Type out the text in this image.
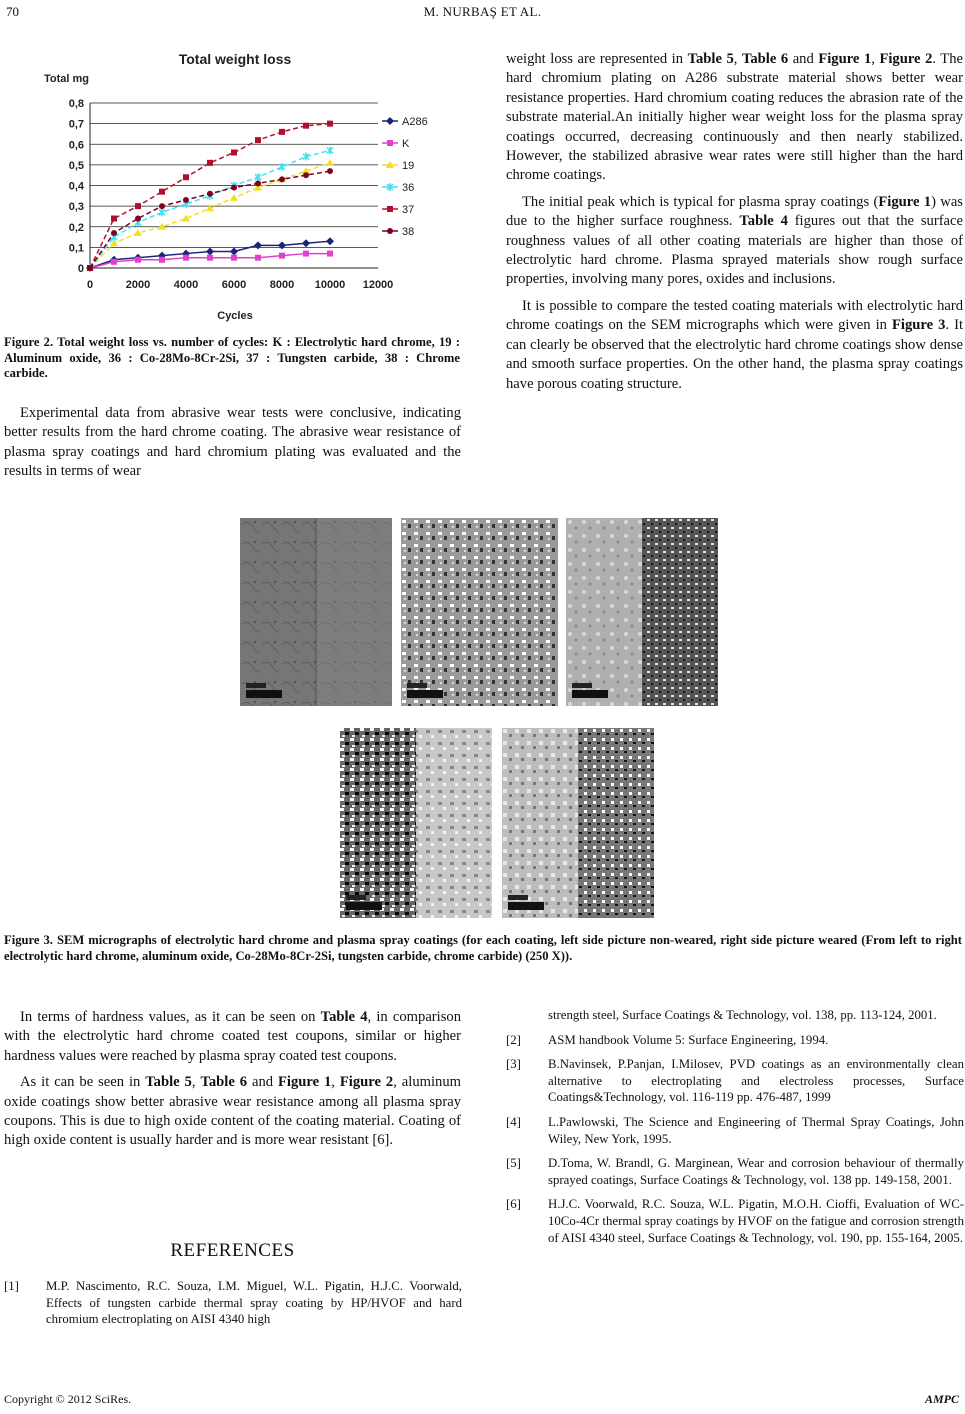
70	M. NURBAŞ ET AL.
Total weight loss
Total mg
Cycles
0
0,1
0,2
0,3
0,4
0,5
0,6
0,7
0,8
0	2000 4000 6000 8000 10000 12000
A286
K
19
36
37
38
Figure 2. Total weight loss vs. number of cycles: K : Electrolytic hard chrome, 19 : Aluminum oxide, 36 : Co-28Mo-8Cr-2Si, 37 : Tungsten carbide, 38 : Chrome carbide.

Experimental data from abrasive wear tests were conclusive, indicating better results from the hard chrome coating. The abrasive wear resistance of plasma spray coatings and hard chromium plating was evaluated and the results in terms of wear

weight loss are represented in Table 5, Table 6 and Figure 1, Figure 2. The hard chromium plating on A286 substrate material shows better wear resistance properties. Hard chromium coating reduces the abrasion rate of the substrate material.An initially higher wear weight loss for the plasma spray coatings occurred, decreasing continuously and then nearly stabilized. However, the stabilized abrasive wear rates were still higher than the hard chrome coatings.

The initial peak which is typical for plasma spray coatings (Figure 1) was due to the higher surface roughness. Table 4 figures out that the surface roughness values of all other coating materials are higher than those of electrolytic hard chrome. Plasma sprayed materials show rough surface properties, involving many pores, oxides and inclusions.

It is possible to compare the tested coating materials with electrolytic hard chrome coatings on the SEM micrographs which were given in Figure 3. It can clearly be observed that the electrolytic hard chrome coatings show dense and smooth surface properties. On the other hand, the plasma spray coatings have porous coating structure.

Figure 3. SEM micrographs of electrolytic hard chrome and plasma spray coatings (for each coating, left side picture non-weared, right side picture weared (From left to right electrolytic hard chrome, aluminum oxide, Co-28Mo-8Cr-2Si, tungsten carbide, chrome carbide) (250 X)).

In terms of hardness values, as it can be seen on Table 4, in comparison with the electrolytic hard chrome coated test coupons, similar or higher hardness values were reached by plasma spray coated test coupons.

As it can be seen in Table 5, Table 6 and Figure 1, Figure 2, aluminum oxide coatings show better abrasive wear resistance among all plasma spray coupons. This is due to high oxide content of the coating material. Coating of high oxide content is usually harder and is more wear resistant [6].

REFERENCES
[1]	M.P. Nascimento, R.C. Souza, I.M. Miguel, W.L. Pigatin, H.J.C. Voorwald, Effects of tungsten carbide thermal spray coating by HP/HVOF and hard chromium electroplating on AISI 4340 high
strength steel, Surface Coatings & Technology, vol. 138, pp. 113-124, 2001.
[2]	ASM handbook Volume 5: Surface Engineering, 1994.
[3]	B.Navinsek, P.Panjan, I.Milosev, PVD coatings as an environmentally clean alternative to electroplating and electroless processes, Surface Coatings&Technology, vol. 116-119 pp. 476-487, 1999
[4]	L.Pawlowski, The Science and Engineering of Thermal Spray Coatings, John Wiley, New York, 1995.
[5]	D.Toma, W. Brandl, G. Marginean, Wear and corrosion behaviour of thermally sprayed coatings, Surface Coatings & Technology, vol. 138 pp. 149-158, 2001.
[6]	H.J.C. Voorwald, R.C. Souza, W.L. Pigatin, M.O.H. Cioffi, Evaluation of WC-10Co-4Cr thermal spray coatings by HVOF on the fatigue and corrosion strength of AISI 4340 steel, Surface Coatings & Technology, vol. 190, pp. 155-164, 2005.
Copyright © 2012 SciRes.	AMPC
